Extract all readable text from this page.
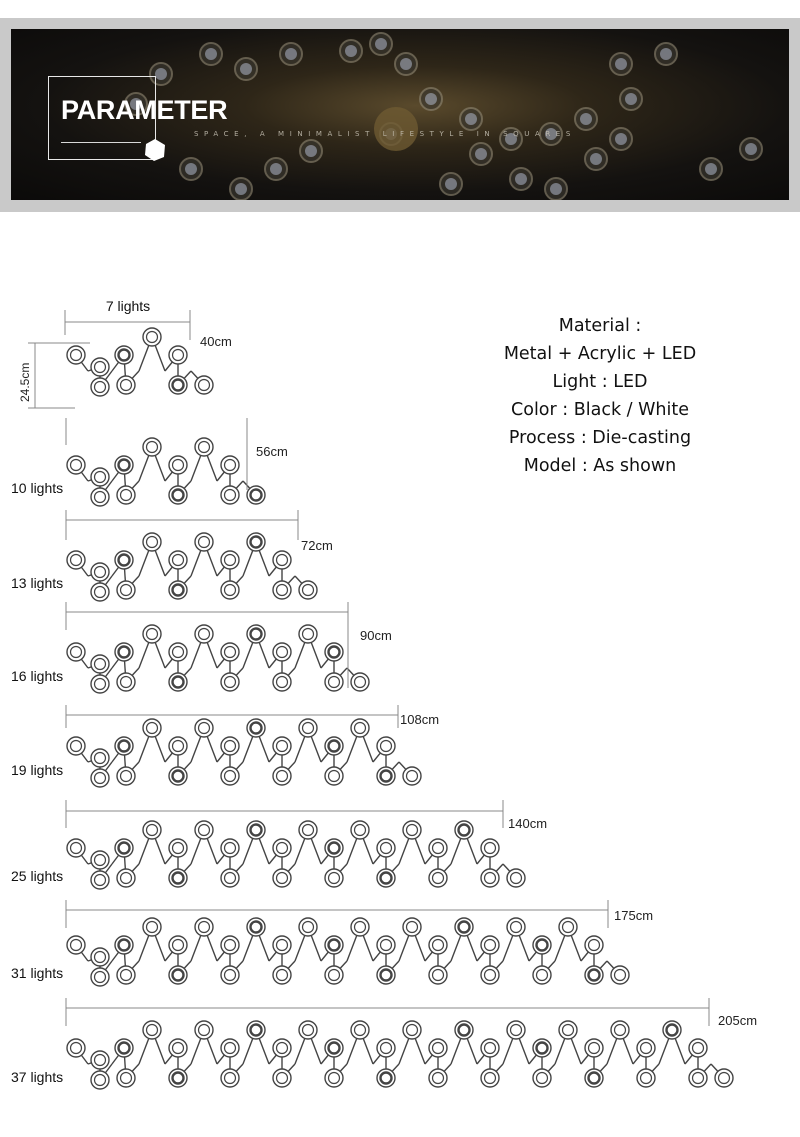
PARAMETER
SPACE, A MINIMALIST LIFESTYLE IN SQUARES
Material :
Metal + Acrylic + LED
Light : LED
Color : Black / White
Process : Die-casting
Model : As shown
7 lights
40cm
24.5cm
56cm
10 lights
72cm
13 lights
90cm
16 lights
108cm
19 lights
140cm
25 lights
175cm
31 lights
205cm
37 lights
